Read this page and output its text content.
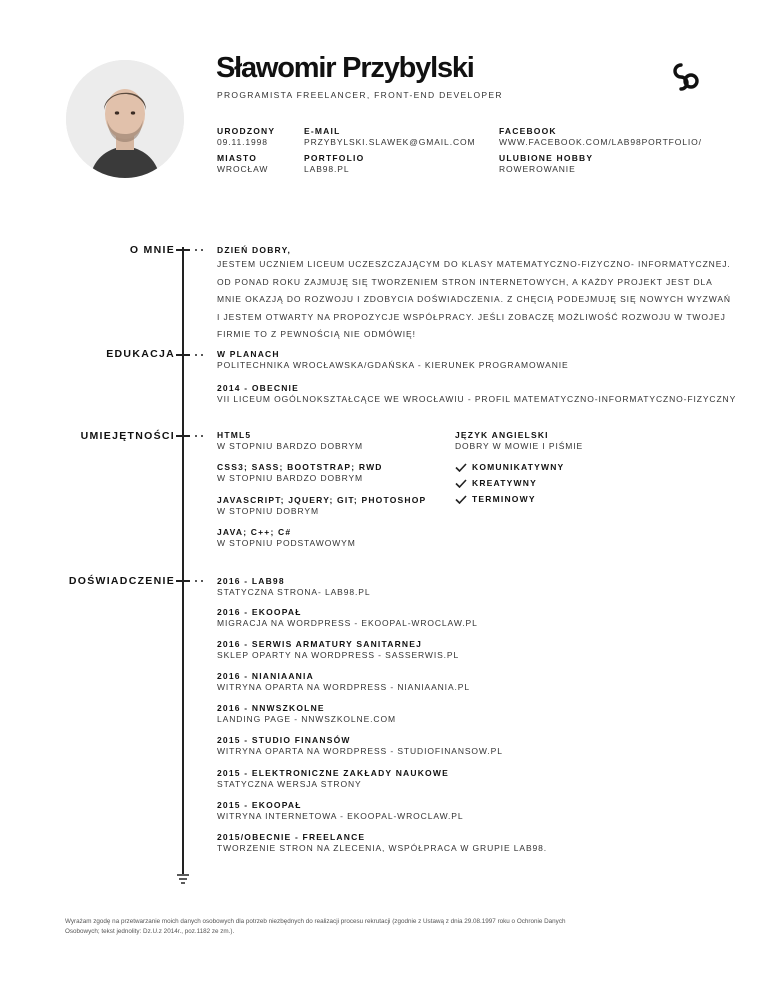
Sławomir Przybylski
PROGRAMISTA FREELANCER, FRONT-END DEVELOPER
URODZONY
09.11.1998
E-MAIL
PRZYBYLSKI.SLAWEK@GMAIL.COM
FACEBOOK
WWW.FACEBOOK.COM/LAB98PORTFOLIO/
MIASTO
WROCŁAW
PORTFOLIO
LAB98.PL
ULUBIONE HOBBY
ROWEROWANIE
O MNIE	DZIEŃ DOBRY,
JESTEM UCZNIEM LICEUM UCZESZCZAJĄCYM DO KLASY MATEMATYCZNO-FIZYCZNO- INFORMATYCZNEJ.
OD PONAD ROKU ZAJMUJĘ SIĘ TWORZENIEM STRON INTERNETOWYCH, A KAŻDY PROJEKT JEST DLA
MNIE OKAZJĄ DO ROZWOJU I ZDOBYCIA DOŚWIADCZENIA. Z CHĘCIĄ PODEJMUJĘ SIĘ NOWYCH WYZWAŃ
I JESTEM OTWARTY NA PROPOZYCJE WSPÓŁPRACY. JEŚLI ZOBACZĘ MOŻLIWOŚĆ ROZWOJU W TWOJEJ
FIRMIE TO Z PEWNOŚCIĄ NIE ODMÓWIĘ!
EDUKACJA	W PLANACH
POLITECHNIKA WROCŁAWSKA/GDAŃSKA - KIERUNEK PROGRAMOWANIE
2014 - OBECNIE
VII LICEUM OGÓLNOKSZTAŁCĄCE WE WROCŁAWIU - PROFIL MATEMATYCZNO-INFORMATYCZNO-FIZYCZNY
UMIEJĘTNOŚCI	HTML5
W STOPNIU BARDZO DOBRYM
CSS3; SASS; BOOTSTRAP; RWD
W STOPNIU BARDZO DOBRYM
JAVASCRIPT; JQUERY; GIT; PHOTOSHOP
W STOPNIU DOBRYM
JAVA; C++; C#
W STOPNIU PODSTAWOWYM
JĘZYK ANGIELSKI
DOBRY W MOWIE I PIŚMIE
KOMUNIKATYWNY
KREATYWNY
TERMINOWY
DOŚWIADCZENIE	2016 - LAB98
STATYCZNA STRONA- LAB98.PL
2016 - EKOOPAŁ
MIGRACJA NA WORDPRESS - EKOOPAL-WROCLAW.PL
2016 - SERWIS ARMATURY SANITARNEJ
SKLEP OPARTY NA WORDPRESS - SASSERWIS.PL
2016 - NIANIAANIA
WITRYNA OPARTA NA WORDPRESS - NIANIAANIA.PL
2016 - NNWSZKOLNE
LANDING PAGE - NNWSZKOLNE.COM
2015 - STUDIO FINANSÓW
WITRYNA OPARTA NA WORDPRESS - STUDIOFINANSOW.PL
2015 - ELEKTRONICZNE ZAKŁADY NAUKOWE
STATYCZNA WERSJA STRONY
2015 - EKOOPAŁ
WITRYNA INTERNETOWA - EKOOPAL-WROCLAW.PL
2015/OBECNIE - FREELANCE
TWORZENIE STRON NA ZLECENIA, WSPÓŁPRACA W GRUPIE LAB98.
Wyrażam zgodę na przetwarzanie moich danych osobowych dla potrzeb niezbędnych do realizacji procesu rekrutacji (zgodnie z Ustawą z dnia 29.08.1997 roku o Ochronie Danych
Osobowych; tekst jednolity: Dz.U.z 2014r., poz.1182 ze zm.).
